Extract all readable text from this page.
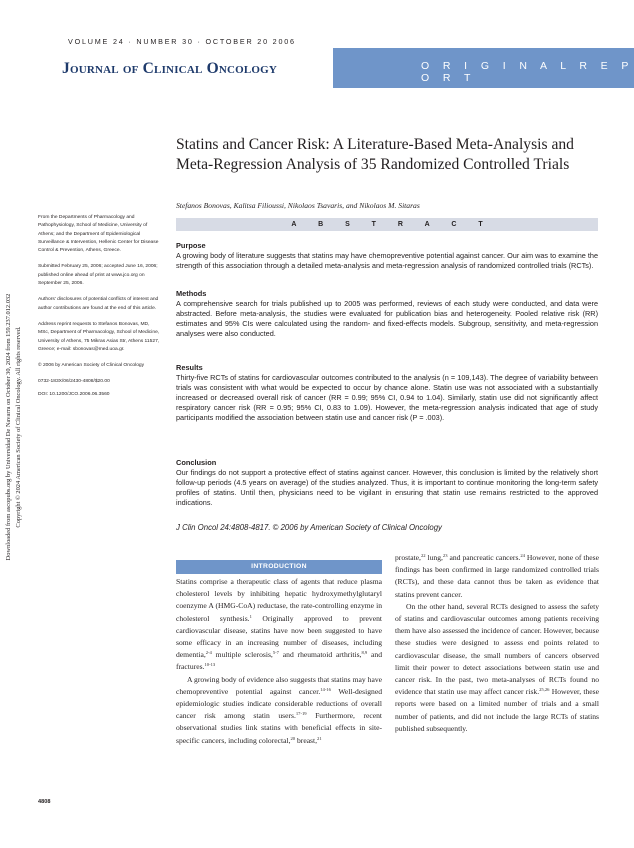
VOLUME 24 · NUMBER 30 · OCTOBER 20 2006
Journal of Clinical Oncology	O R I G I N A L R E P O R T
Downloaded from ascopubs.org by Universidad De Navarra on October 30, 2024 from 159.237.012.032 Copyright © 2024 American Society of Clinical Oncology. All rights reserved.
Statins and Cancer Risk: A Literature-Based Meta-Analysis and Meta-Regression Analysis of 35 Randomized Controlled Trials
Stefanos Bonovas, Kalitsa Filioussi, Nikolaos Tsavaris, and Nikolaos M. Sitaras

From the Departments of Pharmacology and Pathophysiology, School of Medicine, University of Athens; and the Department of Epidemiological Surveillance & Intervention, Hellenic Center for Disease Control & Prevention, Athens, Greece.

Submitted February 25, 2006; accepted June 16, 2006; published online ahead of print at www.jco.org on September 25, 2006.

Authors' disclosures of potential conflicts of interest and author contributions are found at the end of this article.

Address reprint requests to Stefanos Bonovas, MD, MSc, Department of Pharmacology, School of Medicine, University of Athens, 75 Mikras Asias Str, Athens 11527, Greece; e-mail: sbonovas@med.uoa.gr.

© 2006 by American Society of Clinical Oncology

0732-183X/06/2430-4808/$20.00

DOI: 10.1200/JCO.2006.06.3560

A B S T R A C T
Purpose
A growing body of literature suggests that statins may have chemopreventive potential against cancer. Our aim was to examine the strength of this association through a detailed meta-analysis and meta-regression analysis of randomized controlled trials (RCTs).
Methods
A comprehensive search for trials published up to 2005 was performed, reviews of each study were conducted, and data were abstracted. Before meta-analysis, the studies were evaluated for publication bias and heterogeneity. Pooled relative risk (RR) estimates and 95% CIs were calculated using the random- and fixed-effects models. Subgroup, sensitivity, and meta-regression analyses were also conducted.
Results
Thirty-five RCTs of statins for cardiovascular outcomes contributed to the analysis (n = 109,143). The degree of variability between trials was consistent with what would be expected to occur by chance alone. Statin use was not associated with a substantially increased or decreased overall risk of cancer (RR = 0.99; 95% CI, 0.94 to 1.04). Similarly, statin use did not significantly affect respiratory cancer risk (RR = 0.95; 95% CI, 0.83 to 1.09). However, the meta-regression analysis indicated that age of study participants modified the association between statin use and cancer risk (P = .003).
Conclusion
Our findings do not support a protective effect of statins against cancer. However, this conclusion is limited by the relatively short follow-up periods (4.5 years on average) of the studies analyzed. Thus, it is important to continue monitoring the long-term safety profiles of statins. Until then, physicians need to be vigilant in ensuring that statin use remains restricted to the approved indications.
J Clin Oncol 24:4808-4817. © 2006 by American Society of Clinical Oncology
INTRODUCTION

Statins comprise a therapeutic class of agents that reduce plasma cholesterol levels by inhibiting hepatic hydroxymethylglutaryl coenzyme A (HMG-CoA) reductase, the rate-controlling enzyme in cholesterol synthesis.$^1$ Originally approved to prevent cardiovascular disease, statins have now been suggested to have some efficacy in an increasing number of diseases, including dementia,$^{2-4}$ multiple sclerosis,$^{5-7}$ and rheumatoid arthritis,$^{8,9}$ and fractures.$^{10-13}$

A growing body of evidence also suggests that statins may have chemopreventive potential against cancer.$^{14-16}$ Well-designed epidemiologic studies indicate considerable reductions of overall cancer risk among statin users.$^{17-19}$ Furthermore, recent observational studies link statins with beneficial effects in site-specific cancers, including colorectal,$^{20}$ breast,$^{21}$

prostate,$^{22}$ lung,$^{23}$ and pancreatic cancers.$^{24}$ However, none of these findings has been confirmed in large randomized controlled trials (RCTs), and these data cannot thus be taken as evidence that statins prevent cancer.

On the other hand, several RCTs designed to assess the safety of statins and cardiovascular outcomes among patients receiving them have also assessed the incidence of cancer. However, because these studies were designed to assess end points related to cardiovascular disease, the small numbers of cancers observed limit their power to detect associations between statin use and cancer risk. In the past, two meta-analyses of RCTs found no evidence that statin use may affect cancer risk.$^{25,26}$ However, these reports were based on a limited number of trials and a small number of patients, and did not include the large RCTs of statins published subsequently.

4808
